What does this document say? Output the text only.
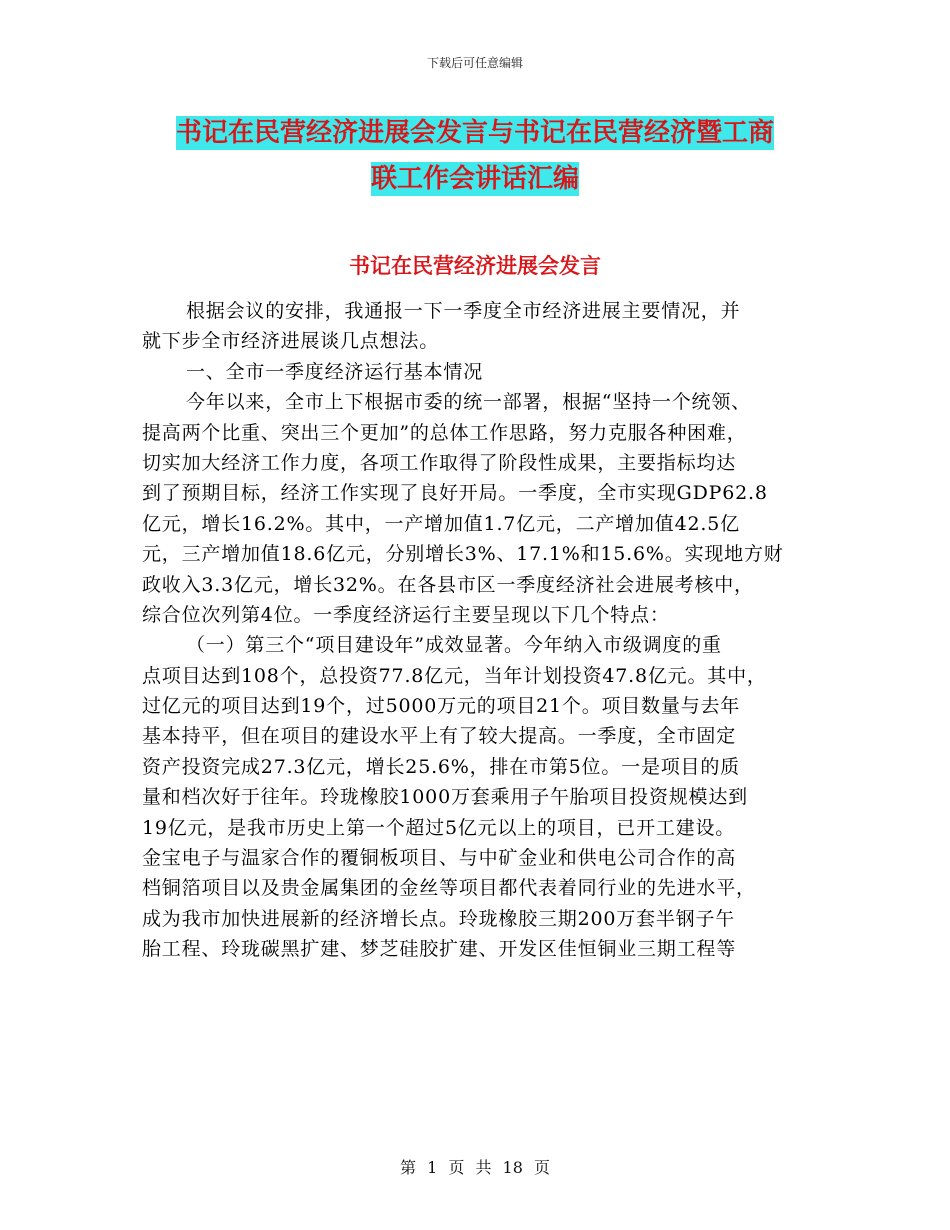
下载后可任意编辑
书记在民营经济进展会发言与书记在民营经济暨工商
联工作会讲话汇编
书记在民营经济进展会发言
根据会议的安排，我通报一下一季度全市经济进展主要情况，并
就下步全市经济进展谈几点想法。
一、全市一季度经济运行基本情况
今年以来，全市上下根据市委的统一部署，根据“坚持一个统领、
提高两个比重、突出三个更加”的总体工作思路，努力克服各种困难，
切实加大经济工作力度，各项工作取得了阶段性成果，主要指标均达
到了预期目标，经济工作实现了良好开局。一季度，全市实现GDP62.8
亿元，增长16.2%。其中，一产增加值1.7亿元，二产增加值42.5亿
元，三产增加值18.6亿元，分别增长3%、17.1%和15.6%。实现地方财
政收入3.3亿元，增长32%。在各县市区一季度经济社会进展考核中，
综合位次列第4位。一季度经济运行主要呈现以下几个特点：
（一）第三个“项目建设年”成效显著。今年纳入市级调度的重
点项目达到108个，总投资77.8亿元，当年计划投资47.8亿元。其中，
过亿元的项目达到19个，过5000万元的项目21个。项目数量与去年
基本持平，但在项目的建设水平上有了较大提高。一季度，全市固定
资产投资完成27.3亿元，增长25.6%，排在市第5位。一是项目的质
量和档次好于往年。玲珑橡胶1000万套乘用子午胎项目投资规模达到
19亿元，是我市历史上第一个超过5亿元以上的项目，已开工建设。
金宝电子与温家合作的覆铜板项目、与中矿金业和供电公司合作的高
档铜箔项目以及贵金属集团的金丝等项目都代表着同行业的先进水平，
成为我市加快进展新的经济增长点。玲珑橡胶三期200万套半钢子午
胎工程、玲珑碳黑扩建、梦芝硅胶扩建、开发区佳恒铜业三期工程等
第 1 页 共 18 页
